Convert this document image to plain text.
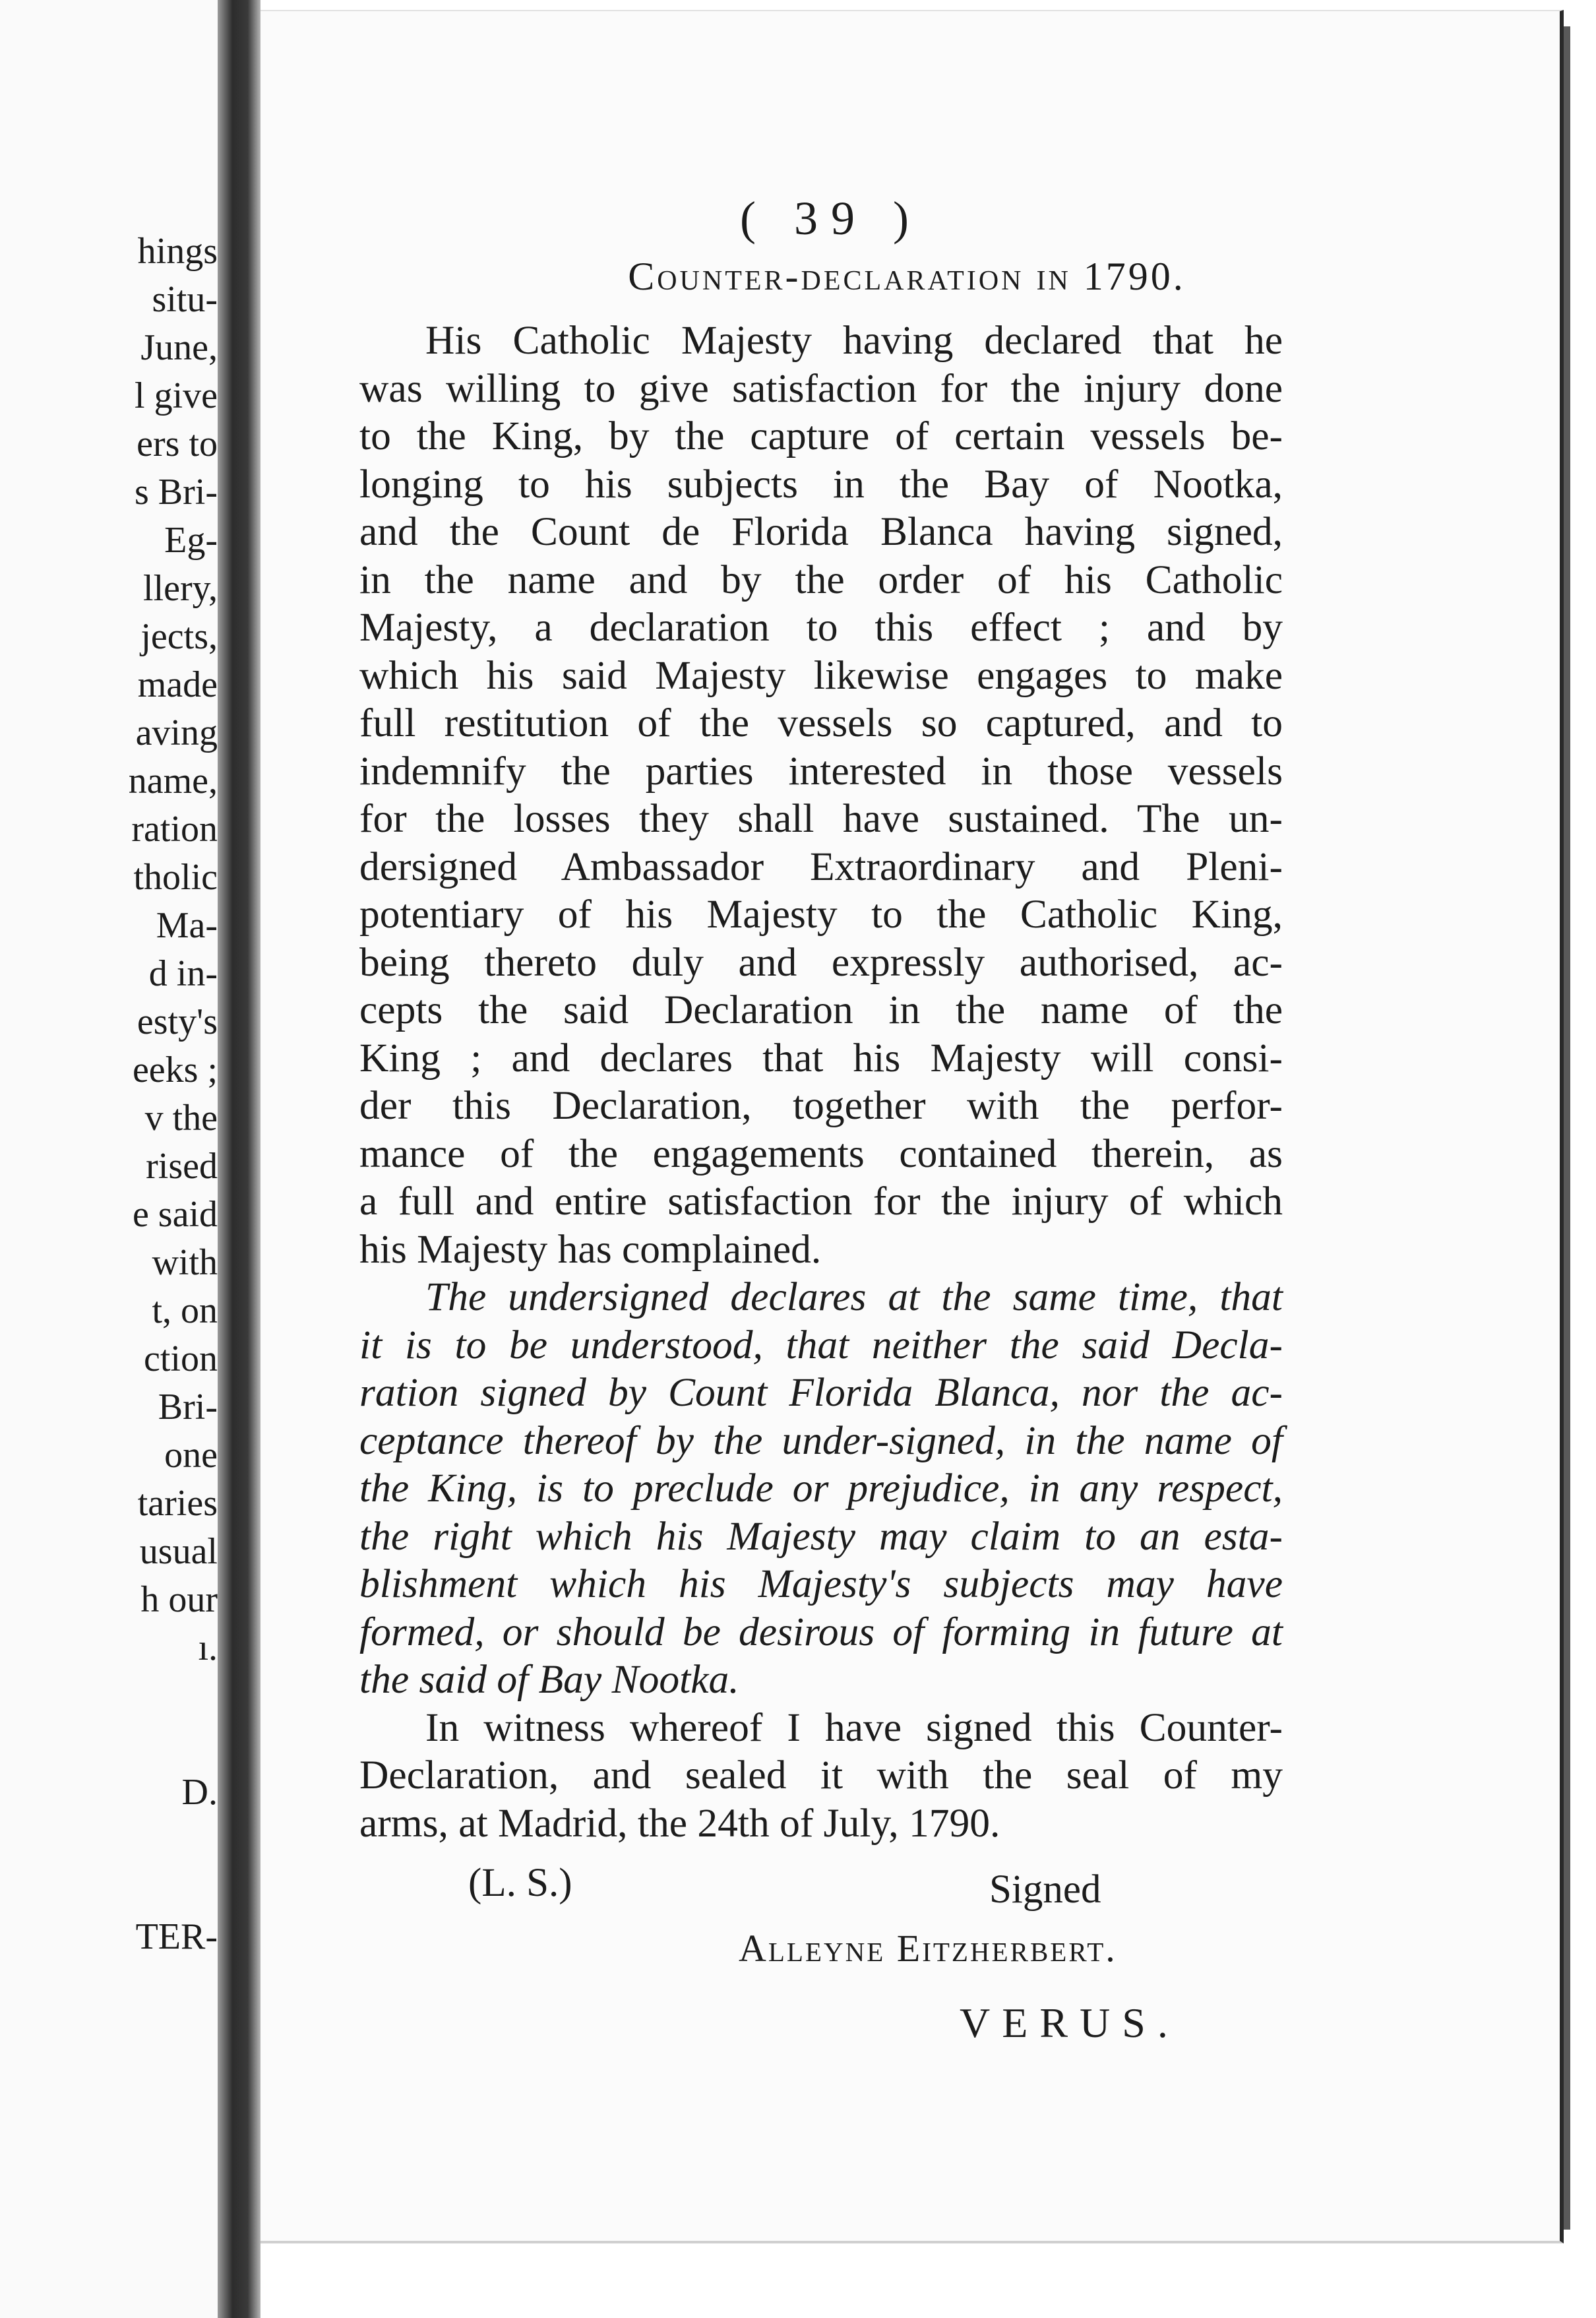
hings
situ-
June,
l give
ers to
s Bri-
Eg-
llery,
jects,
made
aving
name,
ration
tholic
Ma-
d in-
esty's
eeks ;
v the
rised
e said
with
t, on
ction
Bri-
one
taries
usual
h our
ı.
D.
TER-
( 39 )
Counter-declaration in 1790.
His Catholic Majesty having declared that he
was willing to give satisfaction for the injury done
to the King, by the capture of certain vessels be-
longing to his subjects in the Bay of Nootka,
and the Count de Florida Blanca having signed,
in the name and by the order of his Catholic
Majesty, a declaration to this effect ; and by
which his said Majesty likewise engages to make
full restitution of the vessels so captured, and to
indemnify the parties interested in those vessels
for the losses they shall have sustained. The un-
dersigned Ambassador Extraordinary and Pleni-
potentiary of his Majesty to the Catholic King,
being thereto duly and expressly authorised, ac-
cepts the said Declaration in the name of the
King ; and declares that his Majesty will consi-
der this Declaration, together with the perfor-
mance of the engagements contained therein, as
a full and entire satisfaction for the injury of which
his Majesty has complained.
The undersigned declares at the same time, that
it is to be understood, that neither the said Decla-
ration signed by Count Florida Blanca, nor the ac-
ceptance thereof by the under-signed, in the name of
the King, is to preclude or prejudice, in any respect,
the right which his Majesty may claim to an esta-
blishment which his Majesty's subjects may have
formed, or should be desirous of forming in future at
the said of Bay Nootka.
In witness whereof I have signed this Counter-
Declaration, and sealed it with the seal of my
arms, at Madrid, the 24th of July, 1790.
(L. S.)	Signed
Alleyne Eitzherbert.
VERUS.
